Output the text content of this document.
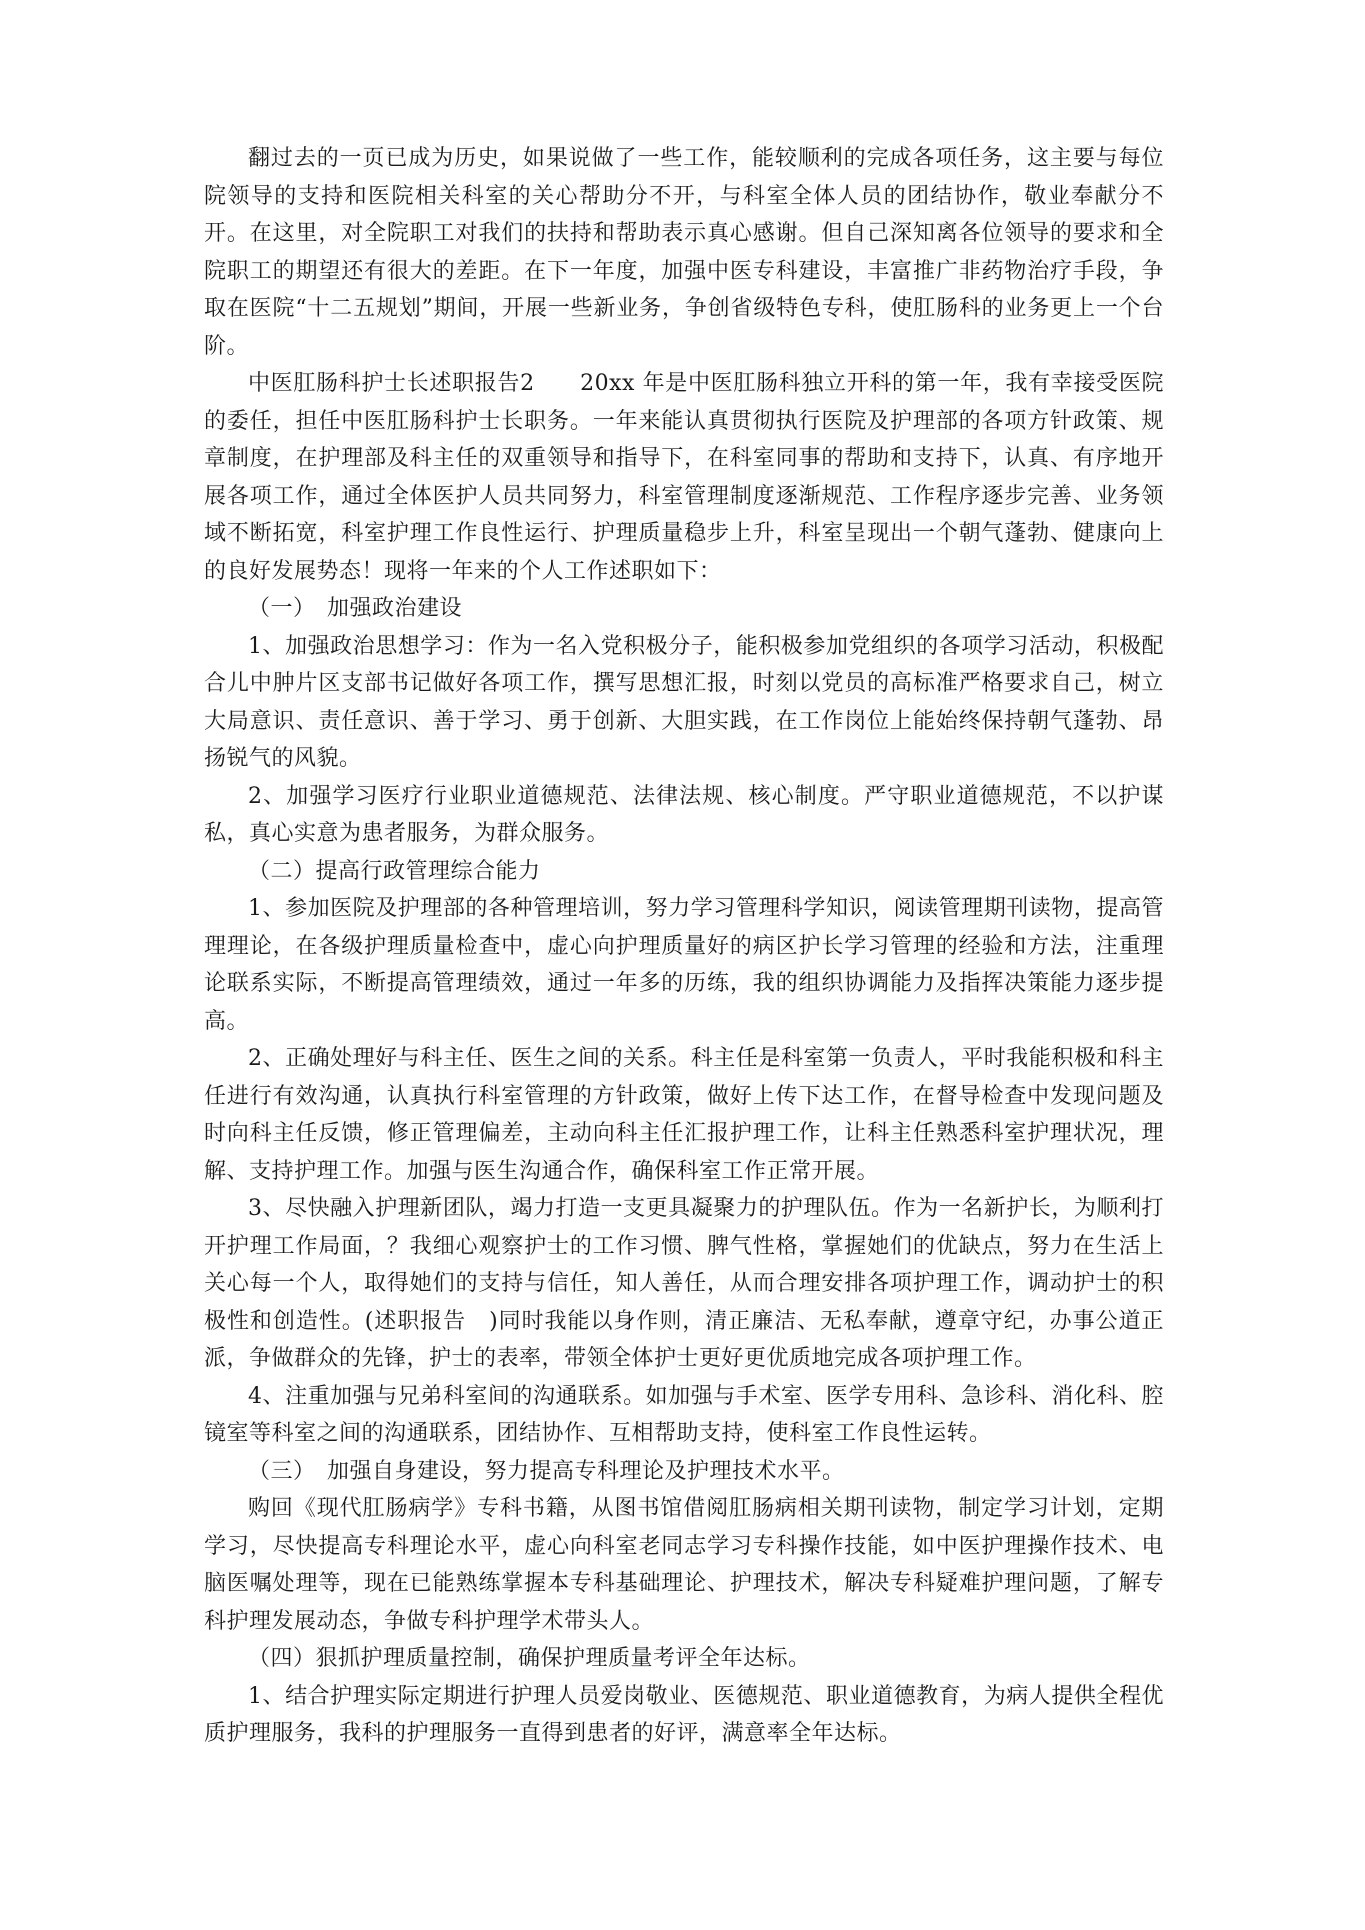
翻过去的一页已成为历史，如果说做了一些工作，能较顺利的完成各项任务，这主要与每位院领导的支持和医院相关科室的关心帮助分不开，与科室全体人员的团结协作，敬业奉献分不开。在这里，对全院职工对我们的扶持和帮助表示真心感谢。但自己深知离各位领导的要求和全院职工的期望还有很大的差距。在下一年度，加强中医专科建设，丰富推广非药物治疗手段，争取在医院“十二五规划”期间，开展一些新业务，争创省级特色专科，使肛肠科的业务更上一个台阶。

中医肛肠科护士长述职报告2　　20xx 年是中医肛肠科独立开科的第一年，我有幸接受医院的委任，担任中医肛肠科护士长职务。一年来能认真贯彻执行医院及护理部的各项方针政策、规章制度，在护理部及科主任的双重领导和指导下，在科室同事的帮助和支持下，认真、有序地开展各项工作，通过全体医护人员共同努力，科室管理制度逐渐规范、工作程序逐步完善、业务领域不断拓宽，科室护理工作良性运行、护理质量稳步上升，科室呈现出一个朝气蓬勃、健康向上的良好发展势态！现将一年来的个人工作述职如下：

（一）　加强政治建设

1、加强政治思想学习：作为一名入党积极分子，能积极参加党组织的各项学习活动，积极配合儿中肿片区支部书记做好各项工作，撰写思想汇报，时刻以党员的高标准严格要求自己，树立大局意识、责任意识、善于学习、勇于创新、大胆实践，在工作岗位上能始终保持朝气蓬勃、昂扬锐气的风貌。

2、加强学习医疗行业职业道德规范、法律法规、核心制度。严守职业道德规范，不以护谋私，真心实意为患者服务，为群众服务。

（二）提高行政管理综合能力

1、参加医院及护理部的各种管理培训，努力学习管理科学知识，阅读管理期刊读物，提高管理理论，在各级护理质量检查中，虚心向护理质量好的病区护长学习管理的经验和方法，注重理论联系实际，不断提高管理绩效，通过一年多的历练，我的组织协调能力及指挥决策能力逐步提高。

2、正确处理好与科主任、医生之间的关系。科主任是科室第一负责人，平时我能积极和科主任进行有效沟通，认真执行科室管理的方针政策，做好上传下达工作，在督导检查中发现问题及时向科主任反馈，修正管理偏差，主动向科主任汇报护理工作，让科主任熟悉科室护理状况，理解、支持护理工作。加强与医生沟通合作，确保科室工作正常开展。

3、尽快融入护理新团队，竭力打造一支更具凝聚力的护理队伍。作为一名新护长，为顺利打开护理工作局面，？我细心观察护士的工作习惯、脾气性格，掌握她们的优缺点，努力在生活上关心每一个人，取得她们的支持与信任，知人善任，从而合理安排各项护理工作，调动护士的积极性和创造性。(述职报告　)同时我能以身作则，清正廉洁、无私奉献，遵章守纪，办事公道正派，争做群众的先锋，护士的表率，带领全体护士更好更优质地完成各项护理工作。

4、注重加强与兄弟科室间的沟通联系。如加强与手术室、医学专用科、急诊科、消化科、腔镜室等科室之间的沟通联系，团结协作、互相帮助支持，使科室工作良性运转。

（三）　加强自身建设，努力提高专科理论及护理技术水平。

购回《现代肛肠病学》专科书籍，从图书馆借阅肛肠病相关期刊读物，制定学习计划，定期学习，尽快提高专科理论水平，虚心向科室老同志学习专科操作技能，如中医护理操作技术、电脑医嘱处理等，现在已能熟练掌握本专科基础理论、护理技术，解决专科疑难护理问题，了解专科护理发展动态，争做专科护理学术带头人。

（四）狠抓护理质量控制，确保护理质量考评全年达标。

1、结合护理实际定期进行护理人员爱岗敬业、医德规范、职业道德教育，为病人提供全程优质护理服务，我科的护理服务一直得到患者的好评，满意率全年达标。
